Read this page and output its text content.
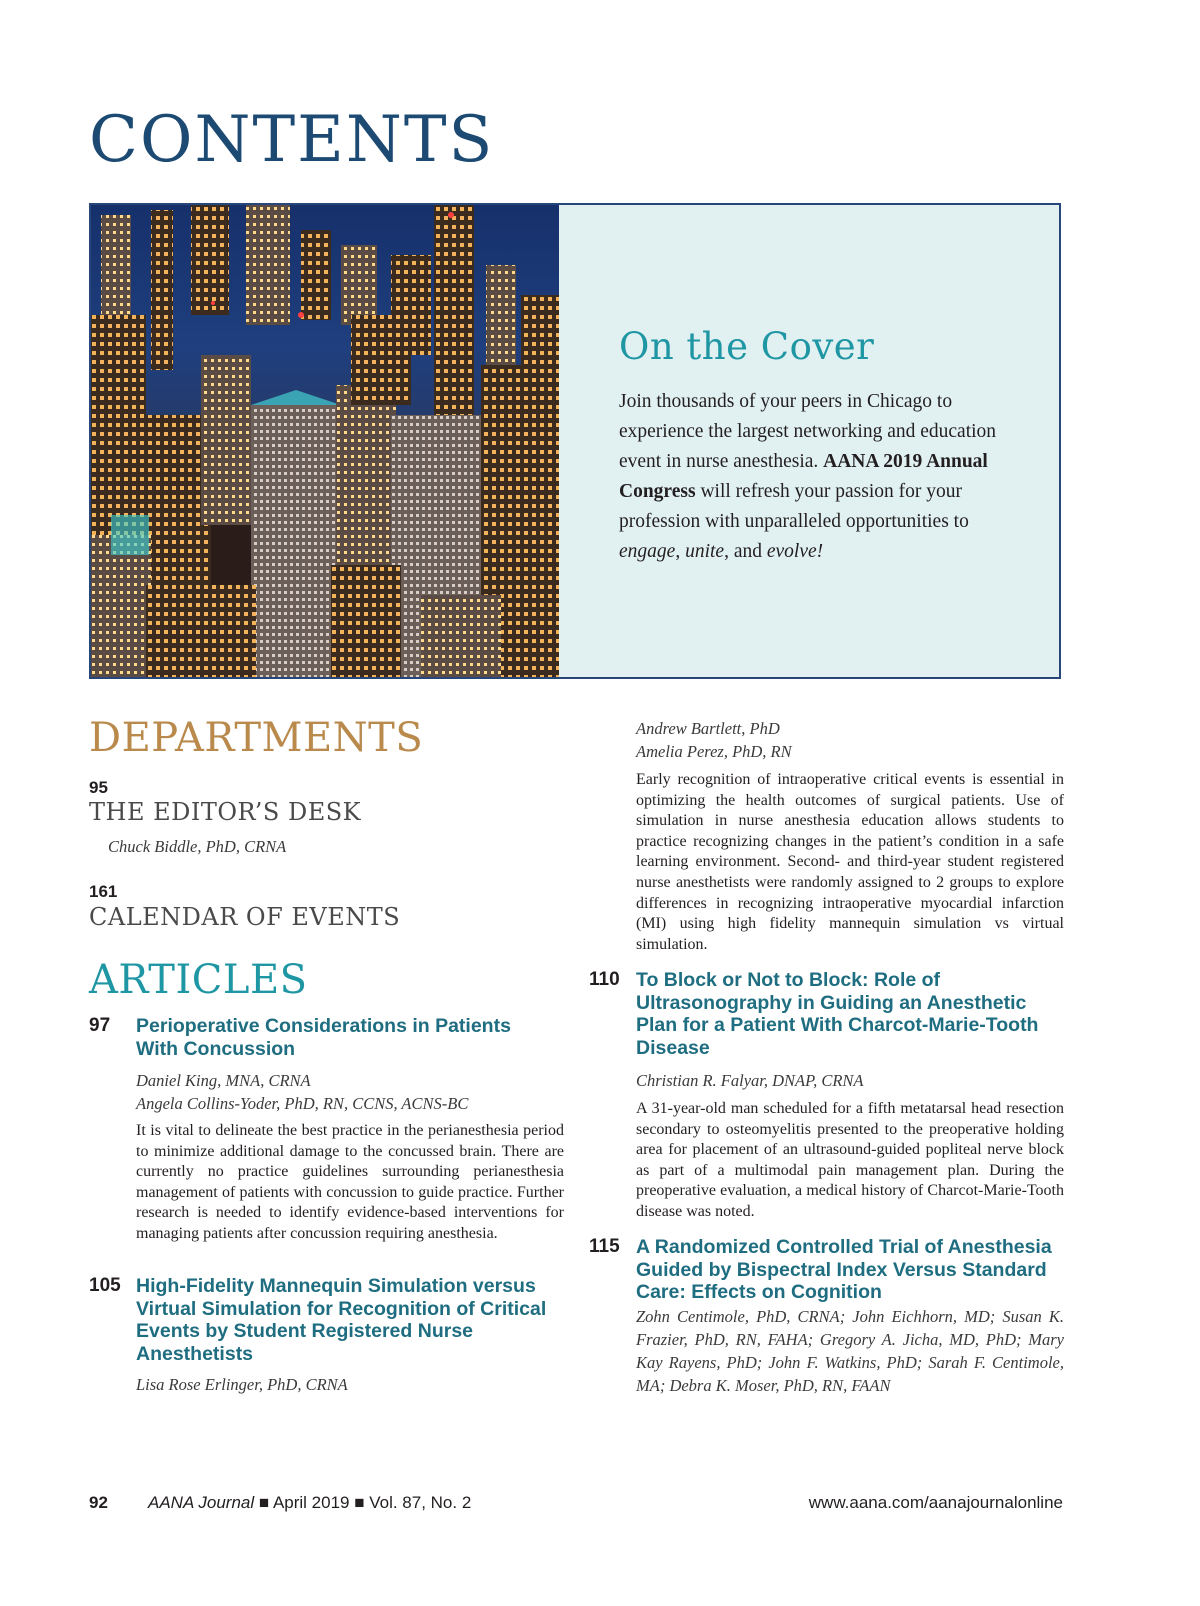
CONTENTS
On the Cover
Join thousands of your peers in Chicago to experience the largest networking and education event in nurse anesthesia. AANA 2019 Annual Congress will refresh your passion for your profession with unparalleled opportunities to engage, unite, and evolve!
DEPARTMENTS
95
THE EDITOR’S DESK
Chuck Biddle, PhD, CRNA
161
CALENDAR OF EVENTS
ARTICLES
97 Perioperative Considerations in Patients With Concussion
Daniel King, MNA, CRNA
Angela Collins-Yoder, PhD, RN, CCNS, ACNS-BC
It is vital to delineate the best practice in the perianesthesia period to minimize additional damage to the concussed brain. There are currently no practice guidelines surrounding perianesthesia management of patients with concussion to guide practice. Further research is needed to identify evidence-based interventions for managing patients after concussion requiring anesthesia.
105 High-Fidelity Mannequin Simulation versus Virtual Simulation for Recognition of Critical Events by Student Registered Nurse Anesthetists
Lisa Rose Erlinger, PhD, CRNA
Andrew Bartlett, PhD
Amelia Perez, PhD, RN
Early recognition of intraoperative critical events is essential in optimizing the health outcomes of surgical patients. Use of simulation in nurse anesthesia education allows students to practice recognizing changes in the patient’s condition in a safe learning environment. Second- and third-year student registered nurse anesthetists were randomly assigned to 2 groups to explore differences in recognizing intraoperative myocardial infarction (MI) using high fidelity mannequin simulation vs virtual simulation.
110 To Block or Not to Block: Role of Ultrasonography in Guiding an Anesthetic Plan for a Patient With Charcot-Marie-Tooth Disease
Christian R. Falyar, DNAP, CRNA
A 31-year-old man scheduled for a fifth metatarsal head resection secondary to osteomyelitis presented to the preoperative holding area for placement of an ultrasound-guided popliteal nerve block as part of a multimodal pain management plan. During the preoperative evaluation, a medical history of Charcot-Marie-Tooth disease was noted.
115 A Randomized Controlled Trial of Anesthesia Guided by Bispectral Index Versus Standard Care: Effects on Cognition
Zohn Centimole, PhD, CRNA; John Eichhorn, MD; Susan K. Frazier, PhD, RN, FAHA; Gregory A. Jicha, MD, PhD; Mary Kay Rayens, PhD; John F. Watkins, PhD; Sarah F. Centimole, MA; Debra K. Moser, PhD, RN, FAAN
92 AANA Journal ■ April 2019 ■ Vol. 87, No. 2	www.aana.com/aanajournalonline
